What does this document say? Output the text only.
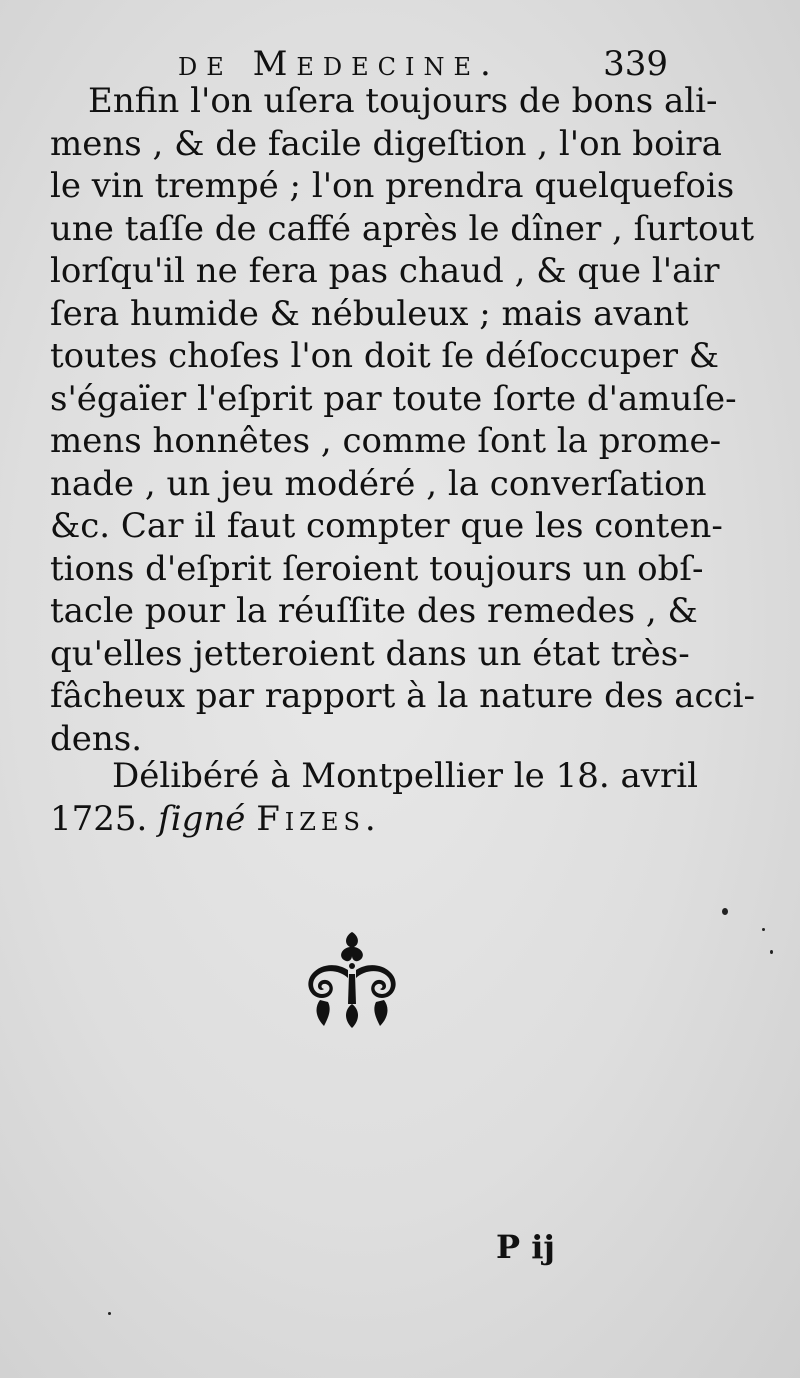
de Medecine.	339
Enfin l'on uſera toujours de bons ali-
mens , & de facile digeſtion , l'on boira
le vin trempé ; l'on prendra quelquefois
une taſſe de caffé après le dîner , ſurtout
lorſqu'il ne fera pas chaud , & que l'air
ſera humide & nébuleux ; mais avant
toutes choſes l'on doit ſe déſoccuper &
s'égaïer l'eſprit par toute ſorte d'amuſe-
mens honnêtes , comme ſont la prome-
nade , un jeu modéré , la converſation
&c. Car il faut compter que les conten-
tions d'eſprit ſeroient toujours un obſ-
tacle pour la réuſſite des remedes , &
qu'elles jetteroient dans un état très-
fâcheux par rapport à la nature des acci-
dens.
Délibéré à Montpellier le 18. avril
1725. ſigné Fizes.
P ij
